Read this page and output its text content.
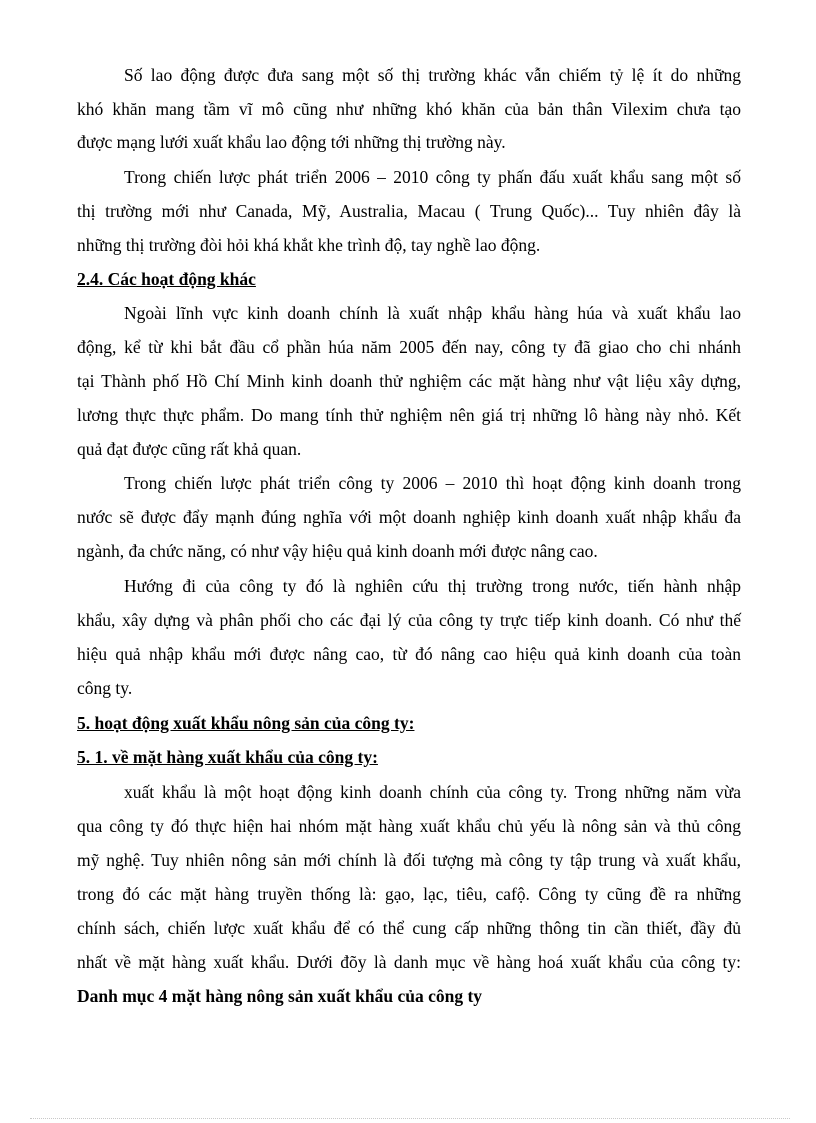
Số lao động được đưa sang một số thị trường khác vẫn chiếm tỷ lệ ít do những
khó khăn mang tầm vĩ mô cũng như những khó khăn của bản thân Vilexim chưa tạo
được mạng lưới xuất khẩu lao động tới những thị trường này.
Trong chiến lược phát triển 2006 – 2010 công ty phấn đấu xuất khẩu sang một số
thị trường mới như Canada, Mỹ, Australia, Macau ( Trung Quốc)... Tuy nhiên đây là
những thị trường đòi hỏi khá khắt khe trình độ, tay nghề lao động.
2.4. Các hoạt động khác
Ngoài lĩnh vực kinh doanh chính là xuất nhập khẩu hàng húa và xuất khẩu lao
động, kể từ khi bắt đầu cổ phần húa năm 2005 đến nay, công ty đã giao cho chi nhánh
tại Thành phố Hồ Chí Minh kinh doanh thử nghiệm các mặt hàng như vật liệu xây dựng,
lương thực thực phẩm. Do mang tính thử nghiệm nên giá trị những lô hàng này nhỏ. Kết
quả đạt được cũng rất khả quan.
Trong chiến lược phát triển công ty 2006 – 2010 thì hoạt động kinh doanh trong
nước sẽ được đẩy mạnh đúng nghĩa với một doanh nghiệp kinh doanh xuất nhập khẩu đa
ngành, đa chức năng, có như vậy hiệu quả kinh doanh mới được nâng cao.
Hướng đi của công ty đó là nghiên cứu thị trường trong nước, tiến hành nhập
khẩu, xây dựng và phân phối cho các đại lý của công ty trực tiếp kinh doanh. Có như thế
hiệu quả nhập khẩu mới được nâng cao, từ đó nâng cao hiệu quả kinh doanh của toàn
công ty.
5. hoạt động xuất khẩu nông sản của công ty:
5. 1. về mặt hàng xuất khẩu của công ty:
xuất khẩu là một hoạt động kinh doanh chính của công ty. Trong những năm vừa
qua công ty đó thực hiện hai nhóm mặt hàng xuất khẩu chủ yếu là nông sản và thủ công
mỹ nghệ. Tuy nhiên nông sản mới chính là đối tượng mà công ty tập trung và xuất khẩu,
trong đó các mặt hàng truyền thống là: gạo, lạc, tiêu, cafộ. Công ty cũng đề ra những
chính sách, chiến lược xuất khẩu để có thể cung cấp những thông tin cần thiết, đầy đủ
nhất về mặt hàng xuất khẩu. Dưới đõy là danh mục về hàng hoá xuất khẩu của công ty:
Danh mục 4 mặt hàng nông sản xuất khẩu của công ty
